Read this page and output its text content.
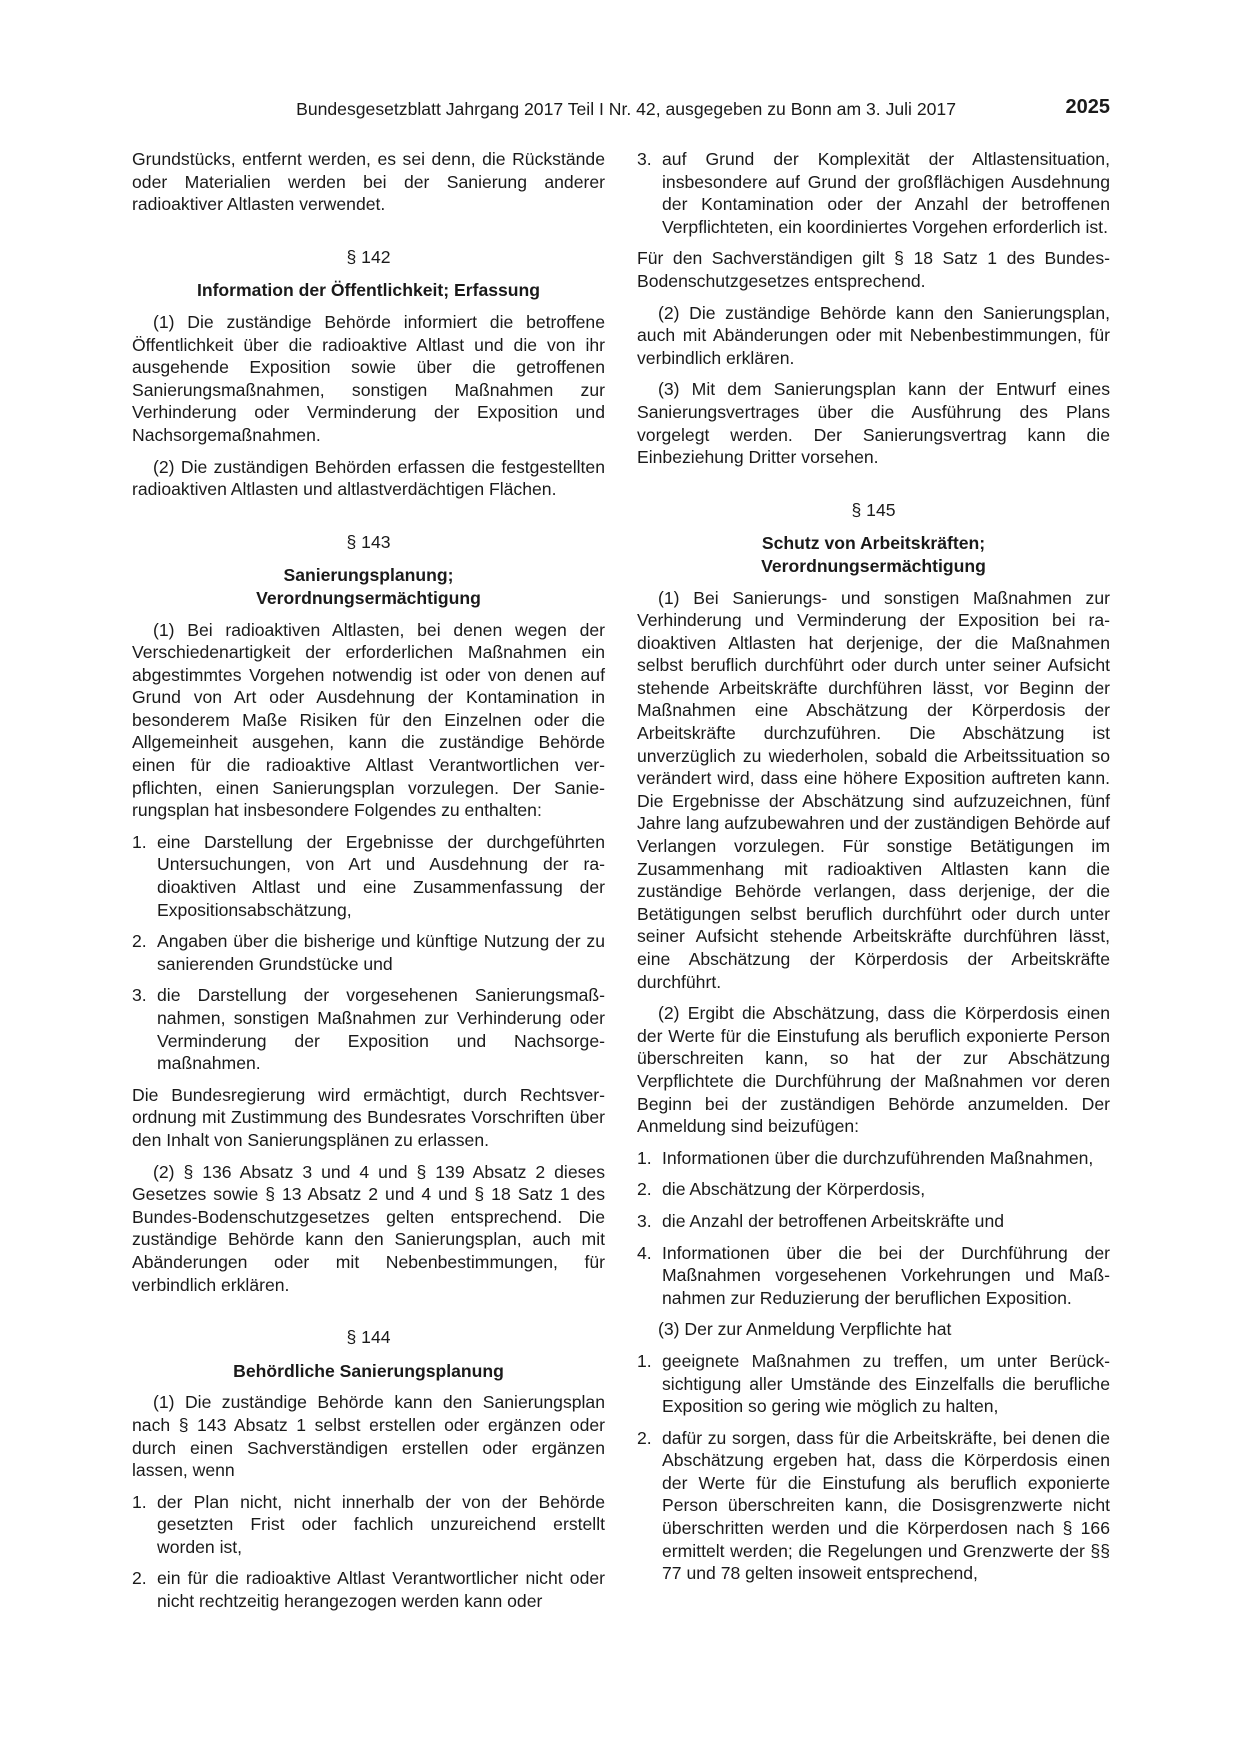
Bundesgesetzblatt Jahrgang 2017 Teil I Nr. 42, ausgegeben zu Bonn am 3. Juli 2017	2025

Grundstücks, entfernt werden, es sei denn, die Rückstände oder Materialien werden bei der Sanierung anderer radioaktiver Altlasten verwendet.

§ 142
Information der Öffentlichkeit; Erfassung

(1) Die zuständige Behörde informiert die betroffene Öffentlichkeit über die radioaktive Altlast und die von ihr ausgehende Exposition sowie über die getroffenen Sanierungsmaßnahmen, sonstigen Maßnahmen zur Verhinderung oder Verminderung der Exposition und Nachsorgemaßnahmen.

(2) Die zuständigen Behörden erfassen die festgestellten radioaktiven Altlasten und altlastverdächtigen Flächen.

§ 143
Sanierungsplanung;
Verordnungsermächtigung

(1) Bei radioaktiven Altlasten, bei denen wegen der Verschiedenartigkeit der erforderlichen Maßnahmen ein abgestimmtes Vorgehen notwendig ist oder von denen auf Grund von Art oder Ausdehnung der Kontamination in besonderem Maße Risiken für den Einzelnen oder die Allgemeinheit ausgehen, kann die zuständige Behörde einen für die radioaktive Altlast Verantwortlichen verpflichten, einen Sanierungsplan vorzulegen. Der Sanierungsplan hat insbesondere Folgendes zu enthalten:

1. eine Darstellung der Ergebnisse der durchgeführten Untersuchungen, von Art und Ausdehnung der radioaktiven Altlast und eine Zusammenfassung der Expositionsabschätzung,
2. Angaben über die bisherige und künftige Nutzung der zu sanierenden Grundstücke und
3. die Darstellung der vorgesehenen Sanierungsmaßnahmen, sonstigen Maßnahmen zur Verhinderung oder Verminderung der Exposition und Nachsorgemaßnahmen.

Die Bundesregierung wird ermächtigt, durch Rechtsverordnung mit Zustimmung des Bundesrates Vorschriften über den Inhalt von Sanierungsplänen zu erlassen.

(2) § 136 Absatz 3 und 4 und § 139 Absatz 2 dieses Gesetzes sowie § 13 Absatz 2 und 4 und § 18 Satz 1 des Bundes-Bodenschutzgesetzes gelten entsprechend. Die zuständige Behörde kann den Sanierungsplan, auch mit Abänderungen oder mit Nebenbestimmungen, für verbindlich erklären.

§ 144
Behördliche Sanierungsplanung

(1) Die zuständige Behörde kann den Sanierungsplan nach § 143 Absatz 1 selbst erstellen oder ergänzen oder durch einen Sachverständigen erstellen oder ergänzen lassen, wenn

1. der Plan nicht, nicht innerhalb der von der Behörde gesetzten Frist oder fachlich unzureichend erstellt worden ist,
2. ein für die radioaktive Altlast Verantwortlicher nicht oder nicht rechtzeitig herangezogen werden kann oder
3. auf Grund der Komplexität der Altlastensituation, insbesondere auf Grund der großflächigen Ausdehnung der Kontamination oder der Anzahl der betroffenen Verpflichteten, ein koordiniertes Vorgehen erforderlich ist.

Für den Sachverständigen gilt § 18 Satz 1 des Bundes-Bodenschutzgesetzes entsprechend.

(2) Die zuständige Behörde kann den Sanierungsplan, auch mit Abänderungen oder mit Nebenbestimmungen, für verbindlich erklären.

(3) Mit dem Sanierungsplan kann der Entwurf eines Sanierungsvertrages über die Ausführung des Plans vorgelegt werden. Der Sanierungsvertrag kann die Einbeziehung Dritter vorsehen.

§ 145
Schutz von Arbeitskräften;
Verordnungsermächtigung

(1) Bei Sanierungs- und sonstigen Maßnahmen zur Verhinderung und Verminderung der Exposition bei radioaktiven Altlasten hat derjenige, der die Maßnahmen selbst beruflich durchführt oder durch unter seiner Aufsicht stehende Arbeitskräfte durchführen lässt, vor Beginn der Maßnahmen eine Abschätzung der Körperdosis der Arbeitskräfte durchzuführen. Die Abschätzung ist unverzüglich zu wiederholen, sobald die Arbeitssituation so verändert wird, dass eine höhere Exposition auftreten kann. Die Ergebnisse der Abschätzung sind aufzuzeichnen, fünf Jahre lang aufzubewahren und der zuständigen Behörde auf Verlangen vorzulegen. Für sonstige Betätigungen im Zusammenhang mit radioaktiven Altlasten kann die zuständige Behörde verlangen, dass derjenige, der die Betätigungen selbst beruflich durchführt oder durch unter seiner Aufsicht stehende Arbeitskräfte durchführen lässt, eine Abschätzung der Körperdosis der Arbeitskräfte durchführt.

(2) Ergibt die Abschätzung, dass die Körperdosis einen der Werte für die Einstufung als beruflich exponierte Person überschreiten kann, so hat der zur Abschätzung Verpflichtete die Durchführung der Maßnahmen vor deren Beginn bei der zuständigen Behörde anzumelden. Der Anmeldung sind beizufügen:

1. Informationen über die durchzuführenden Maßnahmen,
2. die Abschätzung der Körperdosis,
3. die Anzahl der betroffenen Arbeitskräfte und
4. Informationen über die bei der Durchführung der Maßnahmen vorgesehenen Vorkehrungen und Maßnahmen zur Reduzierung der beruflichen Exposition.

(3) Der zur Anmeldung Verpflichte hat

1. geeignete Maßnahmen zu treffen, um unter Berücksichtigung aller Umstände des Einzelfalls die berufliche Exposition so gering wie möglich zu halten,
2. dafür zu sorgen, dass für die Arbeitskräfte, bei denen die Abschätzung ergeben hat, dass die Körperdosis einen der Werte für die Einstufung als beruflich exponierte Person überschreiten kann, die Dosisgrenzwerte nicht überschritten werden und die Körperdosen nach § 166 ermittelt werden; die Regelungen und Grenzwerte der §§ 77 und 78 gelten insoweit entsprechend,
